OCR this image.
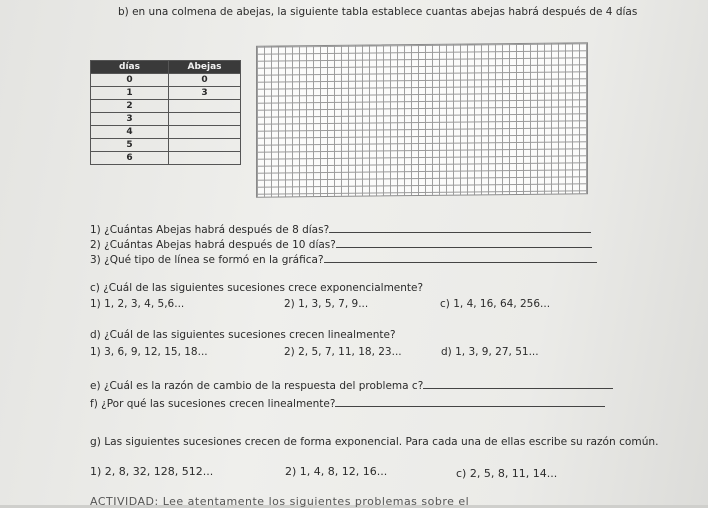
b) en una colmena de abejas, la siguiente tabla establece cuantas abejas habrá después de 4 días
días	Abejas
0	0
1	3
2	
3	
4	
5	
6	
1) ¿Cuántas Abejas habrá después de 8 días?
2) ¿Cuántas Abejas habrá después de 10 días?
3) ¿Qué tipo de línea se formó en la gráfica?
c) ¿Cuál de las siguientes sucesiones crece exponencialmente?
1) 1, 2, 3, 4, 5,6...	2) 1, 3, 5, 7, 9...	c) 1, 4, 16, 64, 256...
d) ¿Cuál de las siguientes sucesiones crecen linealmente?
1) 3, 6, 9, 12, 15, 18...	2) 2, 5, 7, 11, 18, 23...	d) 1, 3, 9, 27, 51...
e) ¿Cuál es la razón de cambio de la respuesta del problema c?
f) ¿Por qué las sucesiones crecen linealmente?
g) Las siguientes sucesiones crecen de forma exponencial. Para cada una de ellas escribe su razón común.
1) 2, 8, 32, 128, 512...	2) 1, 4, 8, 12, 16...	c) 2, 5, 8, 11, 14...
ACTIVIDAD: Lee atentamente los siguientes problemas sobre el
